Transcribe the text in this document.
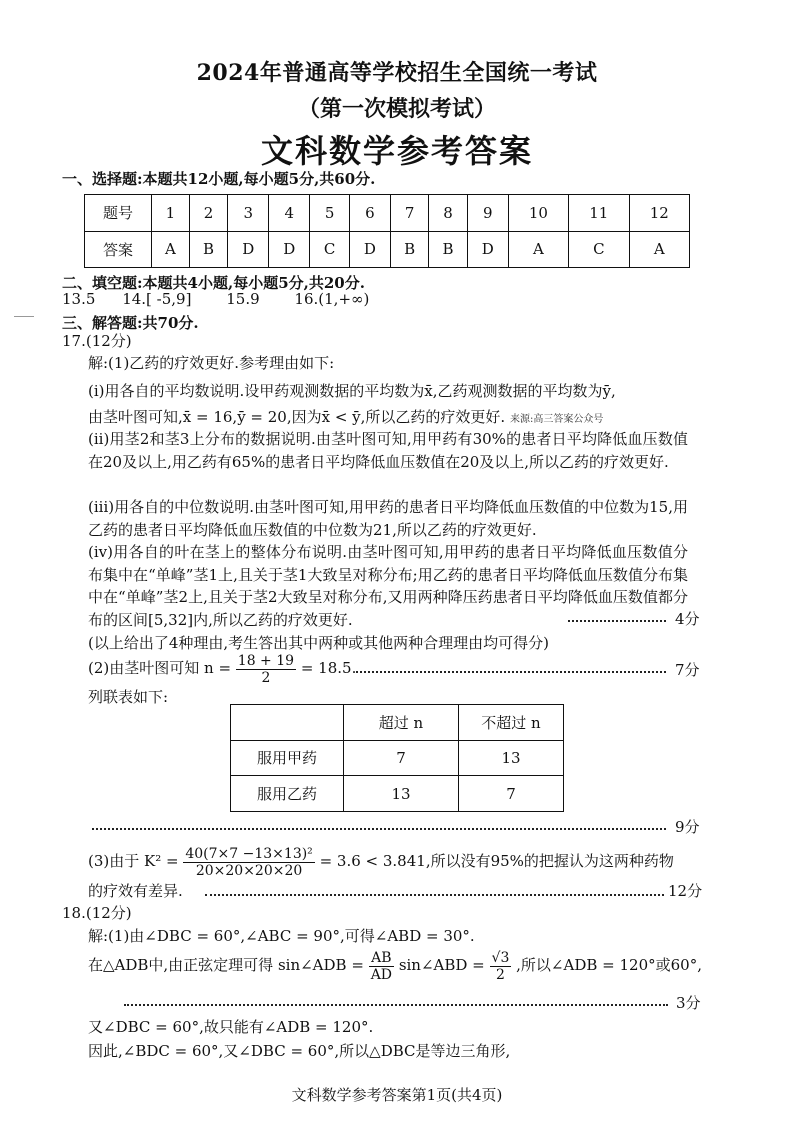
2024年普通高等学校招生全国统一考试
（第一次模拟考试）
文科数学参考答案
一、选择题:本题共12小题,每小题5分,共60分.
题号	1	2	3	4	5	6	7	8	9	10	11	12
答案	A	B	D	D	C	D	B	B	D	A	C	A
二、填空题:本题共4小题,每小题5分,共20分.
13.5 14.[ -5,9] 15.9 16.(1,+∞)
三、解答题:共70分.
17.(12分)
解:(1)乙药的疗效更好.参考理由如下:
(i)用各自的平均数说明.设甲药观测数据的平均数为x̄,乙药观测数据的平均数为ȳ,
由茎叶图可知,x̄ = 16,ȳ = 20,因为x̄ < ȳ,所以乙药的疗效更好. 来源:高三答案公众号
(ii)用茎2和茎3上分布的数据说明.由茎叶图可知,用甲药有30%的患者日平均降低血压数值在20及以上,用乙药有65%的患者日平均降低血压数值在20及以上,所以乙药的疗效更好.
(iii)用各自的中位数说明.由茎叶图可知,用甲药的患者日平均降低血压数值的中位数为15,用乙药的患者日平均降低血压数值的中位数为21,所以乙药的疗效更好.
(iv)用各自的叶在茎上的整体分布说明.由茎叶图可知,用甲药的患者日平均降低血压数值分布集中在“单峰”茎1上,且关于茎1大致呈对称分布;用乙药的患者日平均降低血压数值分布集中在“单峰”茎2上,且关于茎2大致呈对称分布,又用两种降压药患者日平均降低血压数值都分布的区间[5,32]内,所以乙药的疗效更好.	4分
(以上给出了4种理由,考生答出其中两种或其他两种合理理由均可得分)
(2)由茎叶图可知 $n = \frac{18 + 19}{2} = 18.5$.	7分
列联表如下:
	超过 n	不超过 n
服用甲药	7	13
服用乙药	13	7
9分
(3)由于 $K^2 = \frac{\text{40(7×7 −13×13)²}}{20\times 20\times 20\times 20} = 3.6 < 3.841$,所以没有95%的把握认为这两种药物
的疗效有差异.	12分
18.(12分)
解:(1)由∠DBC = 60°,∠ABC = 90°,可得∠ABD = 30°.
在△ADB中,由正弦定理可得 sin∠ADB = $\frac{AB}{AD}$ sin∠ABD = $\frac{√3}{2}$ ,所以∠ADB = 120°或60°,
3分
又∠DBC = 60°,故只能有∠ADB = 120°.
因此,∠BDC = 60°,又∠DBC = 60°,所以△DBC是等边三角形,
文科数学参考答案第1页(共4页)
